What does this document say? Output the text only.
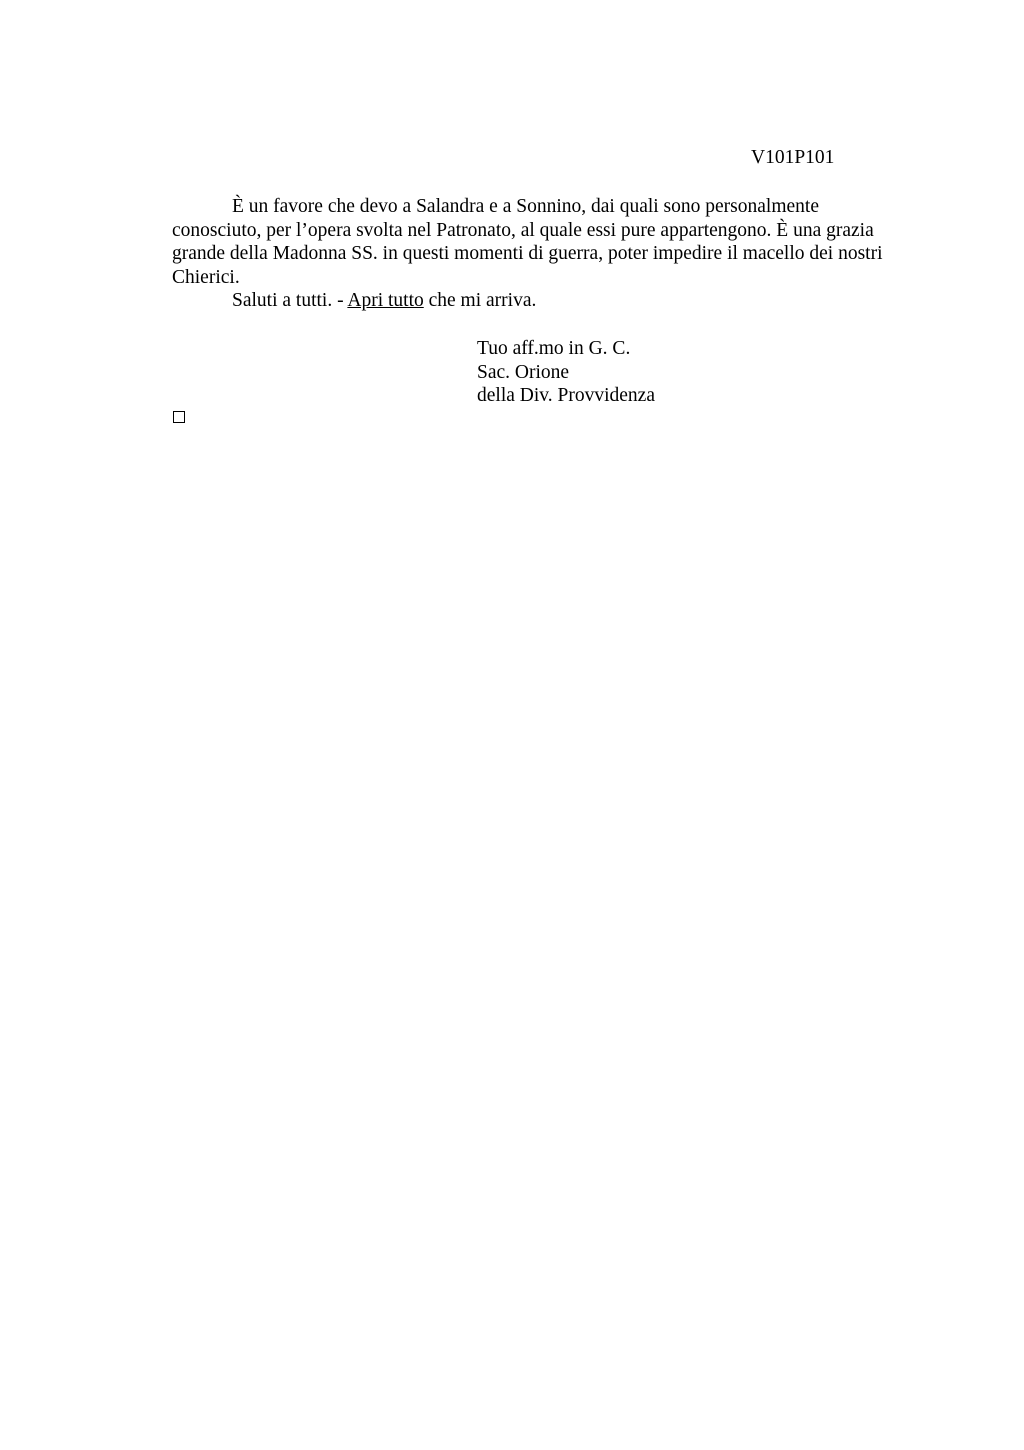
V101P101
È un favore che devo a Salandra e a Sonnino, dai quali sono personalmente
conosciuto, per l’opera svolta nel Patronato, al quale essi pure appartengono. È una grazia
grande della Madonna SS. in questi momenti di guerra, poter impedire il macello dei nostri
Chierici.
Saluti a tutti. - Apri tutto che mi arriva.
Tuo aff.mo in G. C.
Sac. Orione
della Div. Provvidenza
